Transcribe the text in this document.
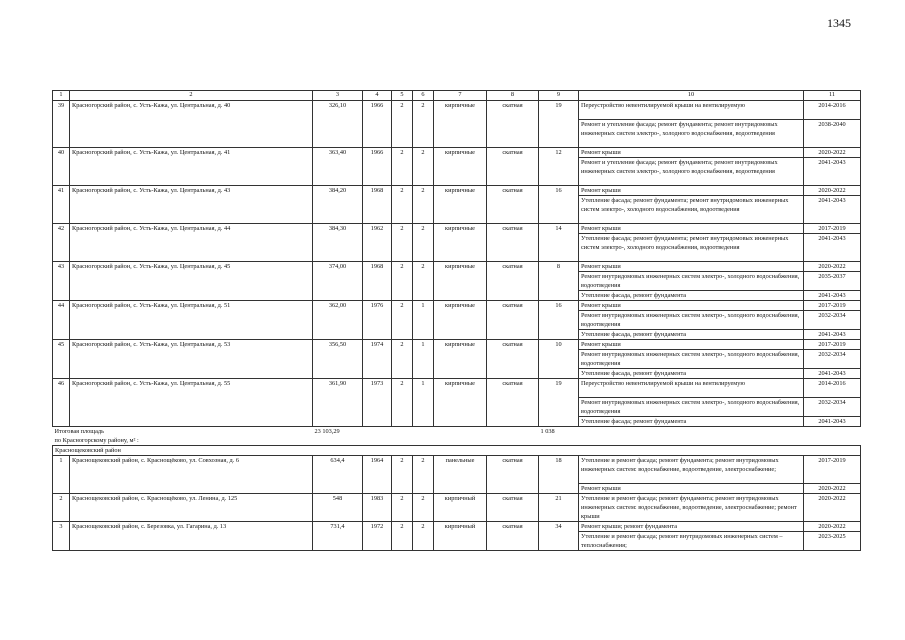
1345
1	2	3	4	5	6	7	8	9	10	11
39	Красногорский район, с. Усть-Кажа, ул. Центральная, д. 40	326,10	1966	2	2	кирпичные	скатная	19	Переустройство невентилируемой крыши на вентилируемую	2014-2016
									Ремонт и утепление фасада; ремонт фундамента; ремонт внутридомовых инженерных систем электро-, холодного водоснабжения, водоотведения	2038-2040
40	Красногорский район, с. Усть-Кажа, ул. Центральная, д. 41	363,40	1966	2	2	кирпичные	скатная	12	Ремонт крыши	2020-2022
									Ремонт и утепление фасада; ремонт фундамента; ремонт внутридомовых инженерных систем электро-, холодного водоснабжения, водоотведения	2041-2043
41	Красногорский район, с. Усть-Кажа, ул. Центральная, д. 43	384,20	1968	2	2	кирпичные	скатная	16	Ремонт крыши	2020-2022
									Утепление фасада; ремонт фундамента; ремонт внутридомовых инженерных систем электро-, холодного водоснабжения, водоотведения	2041-2043
42	Красногорский район, с. Усть-Кажа, ул. Центральная, д. 44	384,30	1962	2	2	кирпичные	скатная	14	Ремонт крыши	2017-2019
									Утепление фасада; ремонт фундамента; ремонт внутридомовых инженерных систем электро-, холодного водоснабжения, водоотведения	2041-2043
43	Красногорский район, с. Усть-Кажа, ул. Центральная, д. 45	374,00	1968	2	2	кирпичные	скатная	8	Ремонт крыши	2020-2022
									Ремонт внутридомовых инженерных систем электро-, холодного водоснабжения, водоотведения	2035-2037
									Утепление фасада, ремонт фундамента	2041-2043
44	Красногорский район, с. Усть-Кажа, ул. Центральная, д. 51	362,00	1976	2	1	кирпичные	скатная	16	Ремонт крыши	2017-2019
									Ремонт внутридомовых инженерных систем электро-, холодного водоснабжения, водоотведения	2032-2034
									Утепление фасада, ремонт фундамента	2041-2043
45	Красногорский район, с. Усть-Кажа, ул. Центральная, д. 53	356,50	1974	2	1	кирпичные	скатная	10	Ремонт крыши	2017-2019
									Ремонт внутридомовых инженерных систем электро-, холодного водоснабжения, водоотведения	2032-2034
									Утепление фасада, ремонт фундамента	2041-2043
46	Красногорский район, с. Усть-Кажа, ул. Центральная, д. 55	361,90	1973	2	1	кирпичные	скатная	19	Переустройство невентилируемой крыши на вентилируемую	2014-2016
									Ремонт внутридомовых инженерных систем электро-, холодного водоснабжения, водоотведения	2032-2034
									Утепление фасада; ремонт фундамента	2041-2043

Итоговая площадь
по Красногорскому району, м² :		23 103,29						1 038		
Краснощековский район										
1	Краснощековский район, с. Краснощёково, ул. Совхозная, д. 6	634,4	1964	2	2	панельные	скатная	18	Утепление и ремонт фасада; ремонт фундамента; ремонт внутридомовых инженерных систем: водоснабжение, водоотведение, электроснабжение;	2017-2019
									Ремонт крыши	2020-2022
2	Краснощековский район, с. Краснощёково, ул. Ленина, д. 125	548	1983	2	2	кирпичный	скатная	21	Утепление и ремонт фасада; ремонт фундамента; ремонт внутридомовых инженерных систем: водоснабжение, водоотведение, электроснабжение; ремонт крыши	2020-2022
3	Краснощековский район, с. Березовка, ул. Гагарина, д. 13	731,4	1972	2	2	кирпичный	скатная	34	Ремонт крыши; ремонт фундамента	2020-2022
									Утепление и ремонт фасада; ремонт внутридомовых инженерных систем – теплоснабжения;	2023-2025
